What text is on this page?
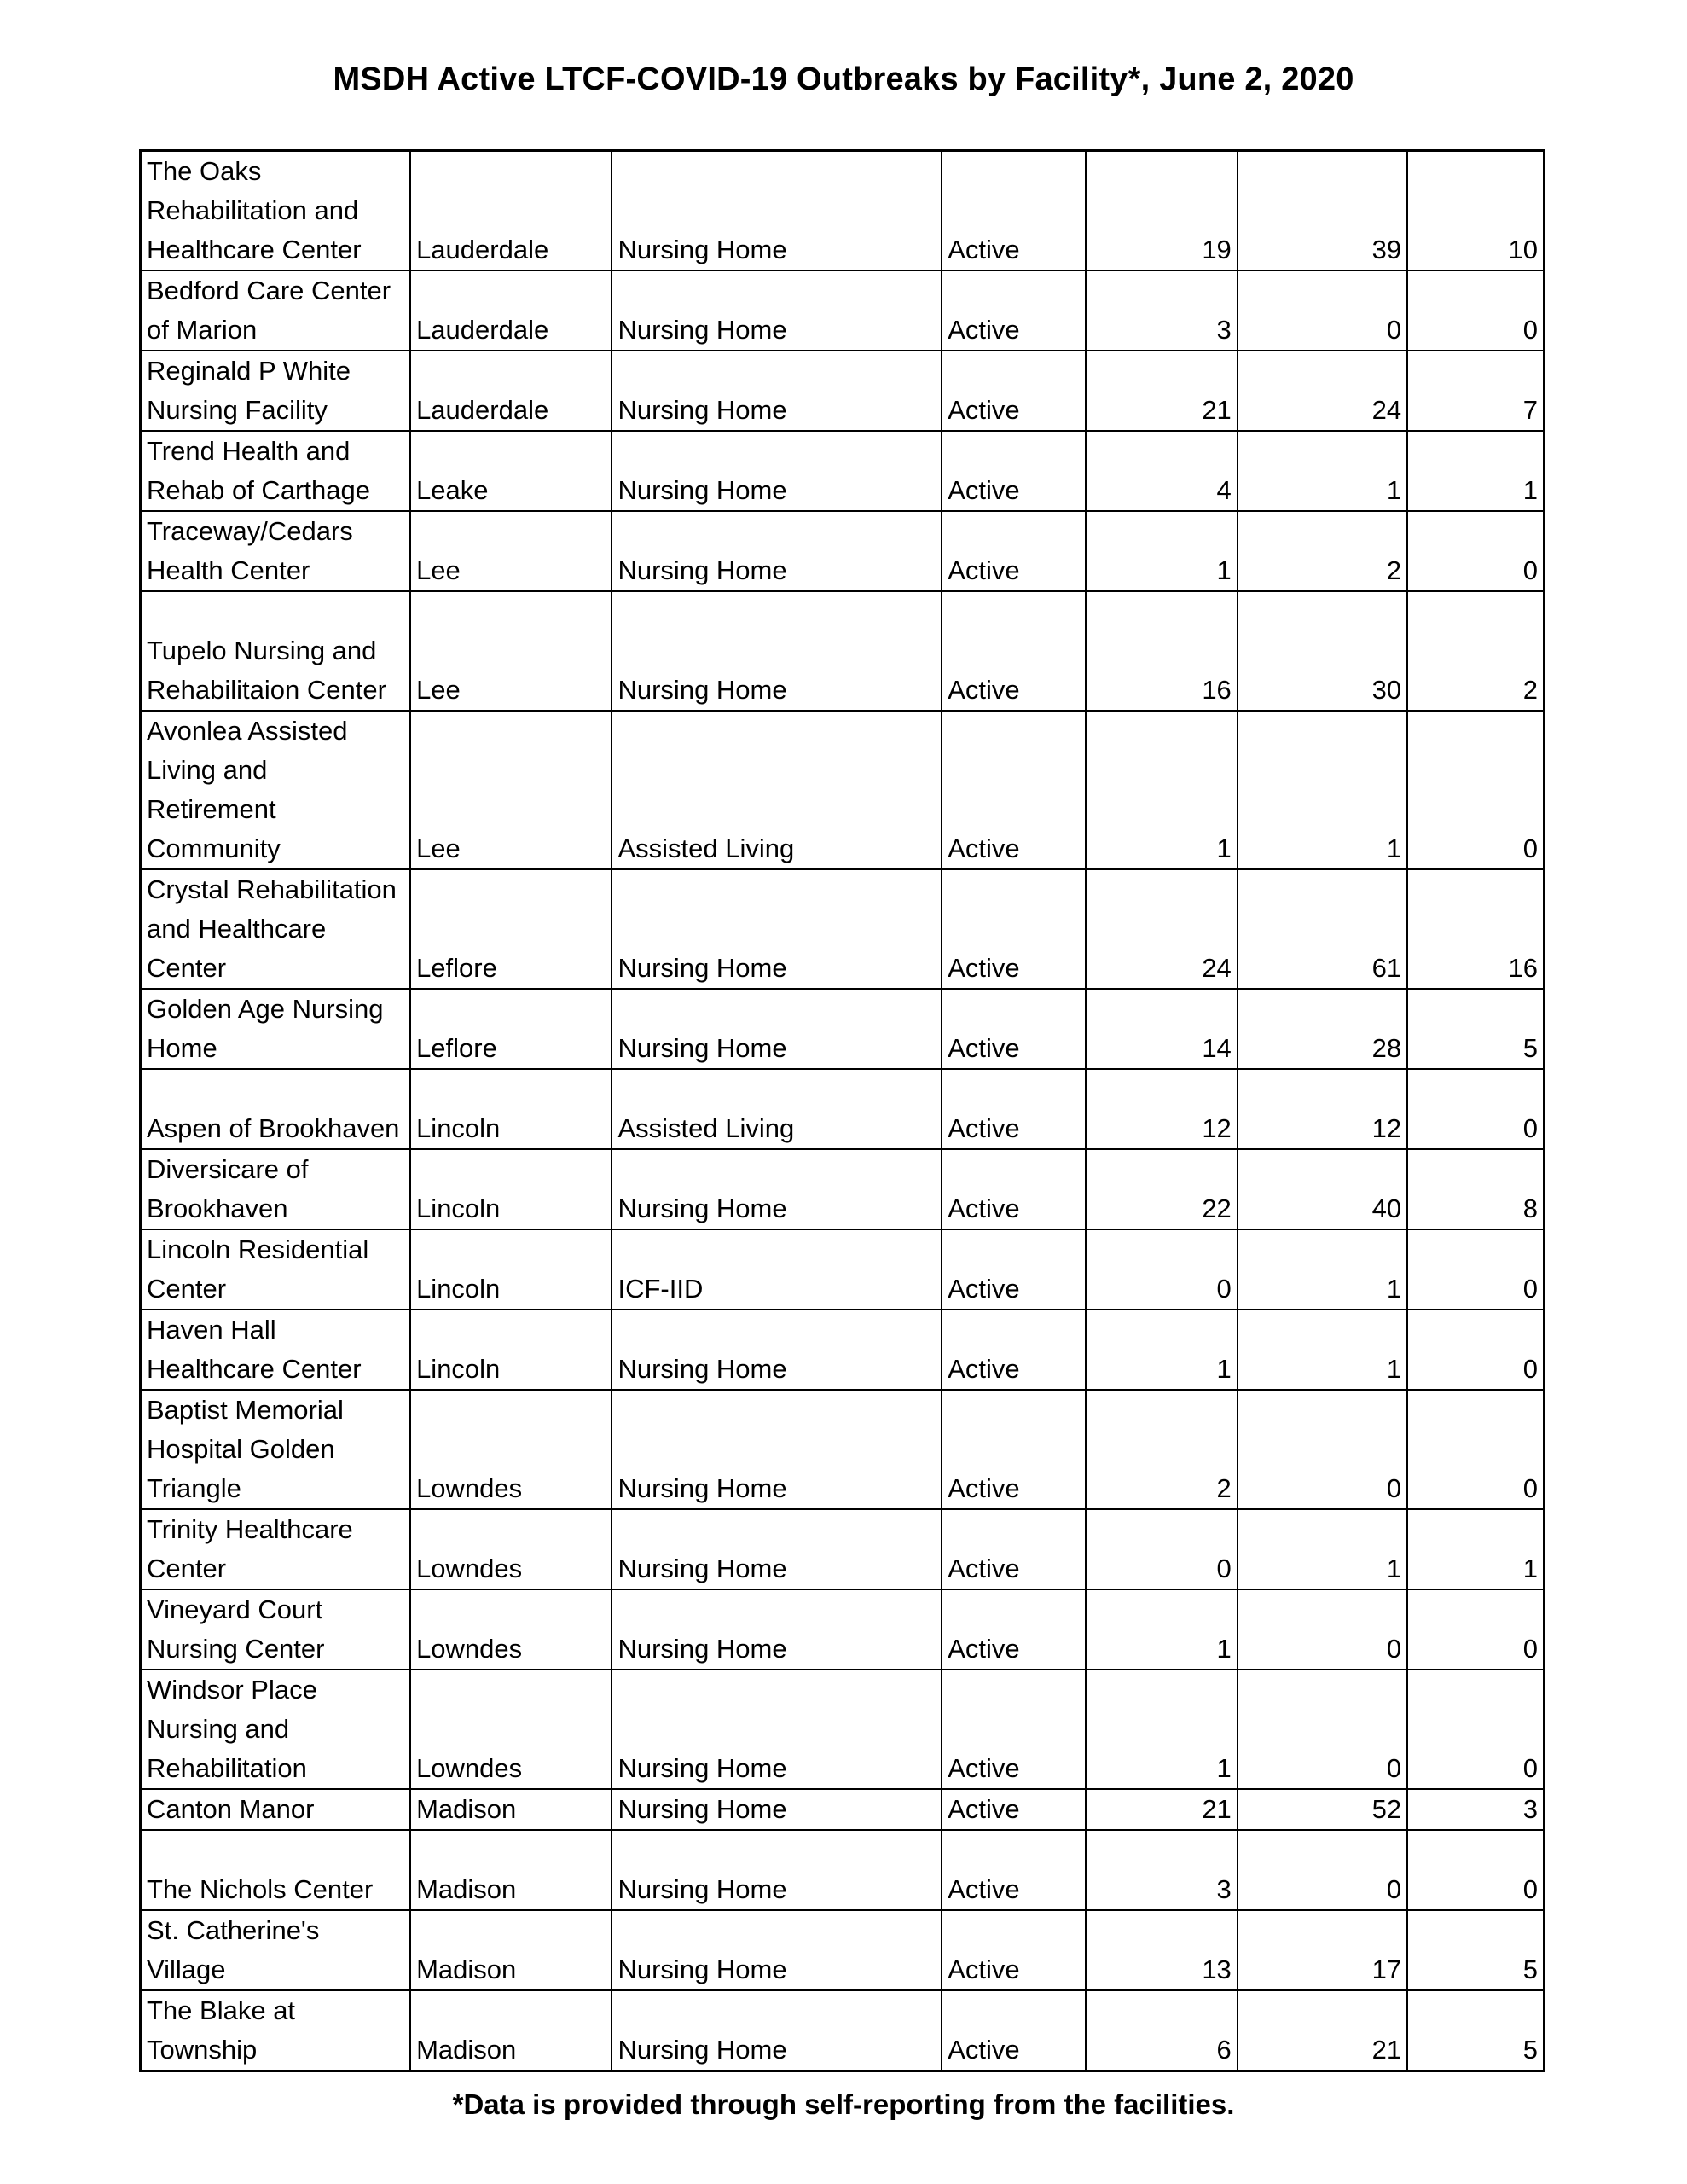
MSDH Active LTCF-COVID-19 Outbreaks by Facility*, June 2, 2020
The Oaks
Rehabilitation and
Healthcare Center	Lauderdale	Nursing Home	Active	19	39	10
Bedford Care Center
of Marion	Lauderdale	Nursing Home	Active	3	0	0
Reginald P White
Nursing Facility	Lauderdale	Nursing Home	Active	21	24	7
Trend Health and
Rehab of Carthage	Leake	Nursing Home	Active	4	1	1
Traceway/Cedars
Health Center	Lee	Nursing Home	Active	1	2	0

Tupelo Nursing and
Rehabilitaion Center	Lee	Nursing Home	Active	16	30	2
Avonlea Assisted
Living and
Retirement
Community	Lee	Assisted Living	Active	1	1	0
Crystal Rehabilitation
and Healthcare
Center	Leflore	Nursing Home	Active	24	61	16
Golden Age Nursing
Home	Leflore	Nursing Home	Active	14	28	5

Aspen of Brookhaven	Lincoln	Assisted Living	Active	12	12	0
Diversicare of
Brookhaven	Lincoln	Nursing Home	Active	22	40	8
Lincoln Residential
Center	Lincoln	ICF-IID	Active	0	1	0
Haven Hall
Healthcare Center	Lincoln	Nursing Home	Active	1	1	0
Baptist Memorial
Hospital Golden
Triangle	Lowndes	Nursing Home	Active	2	0	0
Trinity Healthcare
Center	Lowndes	Nursing Home	Active	0	1	1
Vineyard Court
Nursing Center	Lowndes	Nursing Home	Active	1	0	0
Windsor Place
Nursing and
Rehabilitation	Lowndes	Nursing Home	Active	1	0	0
Canton Manor	Madison	Nursing Home	Active	21	52	3

The Nichols Center	Madison	Nursing Home	Active	3	0	0
St. Catherine's
Village	Madison	Nursing Home	Active	13	17	5
The Blake at
Township	Madison	Nursing Home	Active	6	21	5
*Data is provided through self-reporting from the facilities.
